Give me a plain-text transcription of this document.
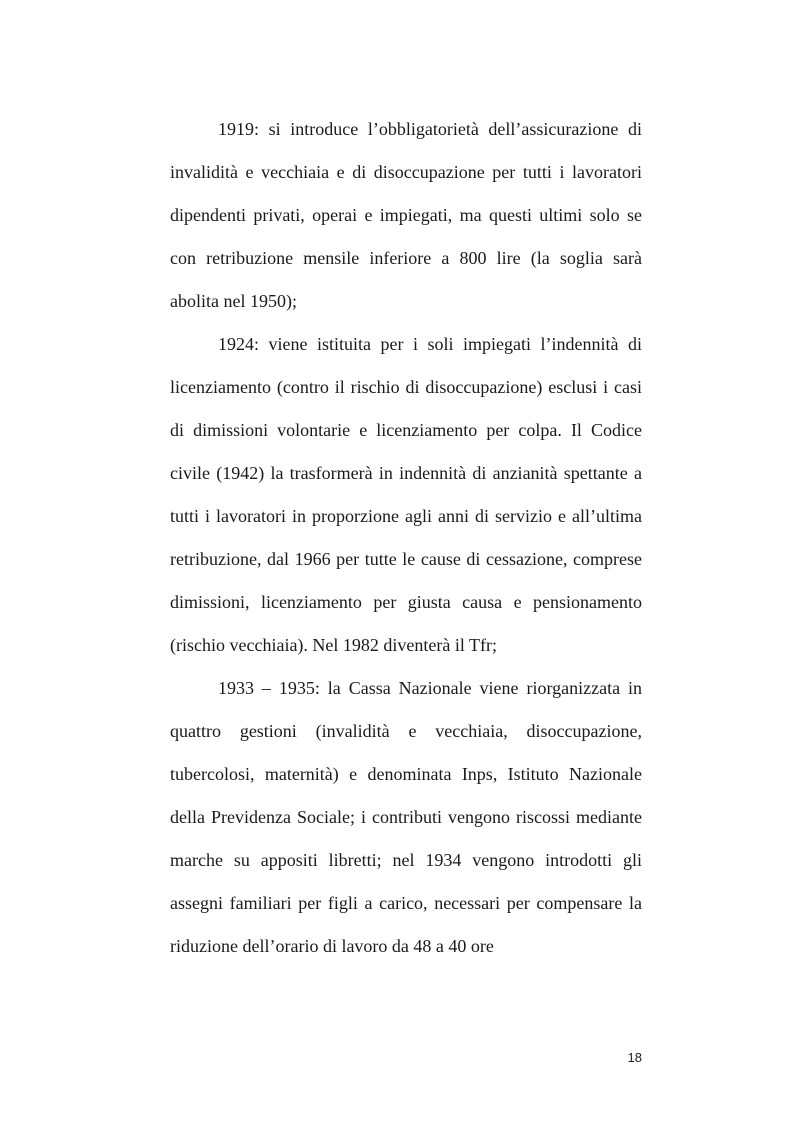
1919: si introduce l’obbligatorietà dell’assicurazione di invalidità e vecchiaia e di disoccupazione per tutti i lavoratori dipendenti privati, operai e impiegati, ma questi ultimi solo se con retribuzione mensile inferiore a 800 lire (la soglia sarà abolita nel 1950);

1924: viene istituita per i soli impiegati l’indennità di licenziamento (contro il rischio di disoccupazione) esclusi i casi di dimissioni volontarie e licenziamento per colpa. Il Codice civile (1942) la trasformerà in indennità di anzianità spettante a tutti i lavoratori in proporzione agli anni di servizio e all’ultima retribuzione, dal 1966 per tutte le cause di cessazione, comprese dimissioni, licenziamento per giusta causa e pensionamento (rischio vecchiaia). Nel 1982 diventerà il Tfr;

1933 – 1935: la Cassa Nazionale viene riorganizzata in quattro gestioni (invalidità e vecchiaia, disoccupazione, tubercolosi, maternità) e denominata Inps, Istituto Nazionale della Previdenza Sociale; i contributi vengono riscossi mediante marche su appositi libretti; nel 1934 vengono introdotti gli assegni familiari per figli a carico, necessari per compensare la riduzione dell’orario di lavoro da 48 a 40 ore

18
